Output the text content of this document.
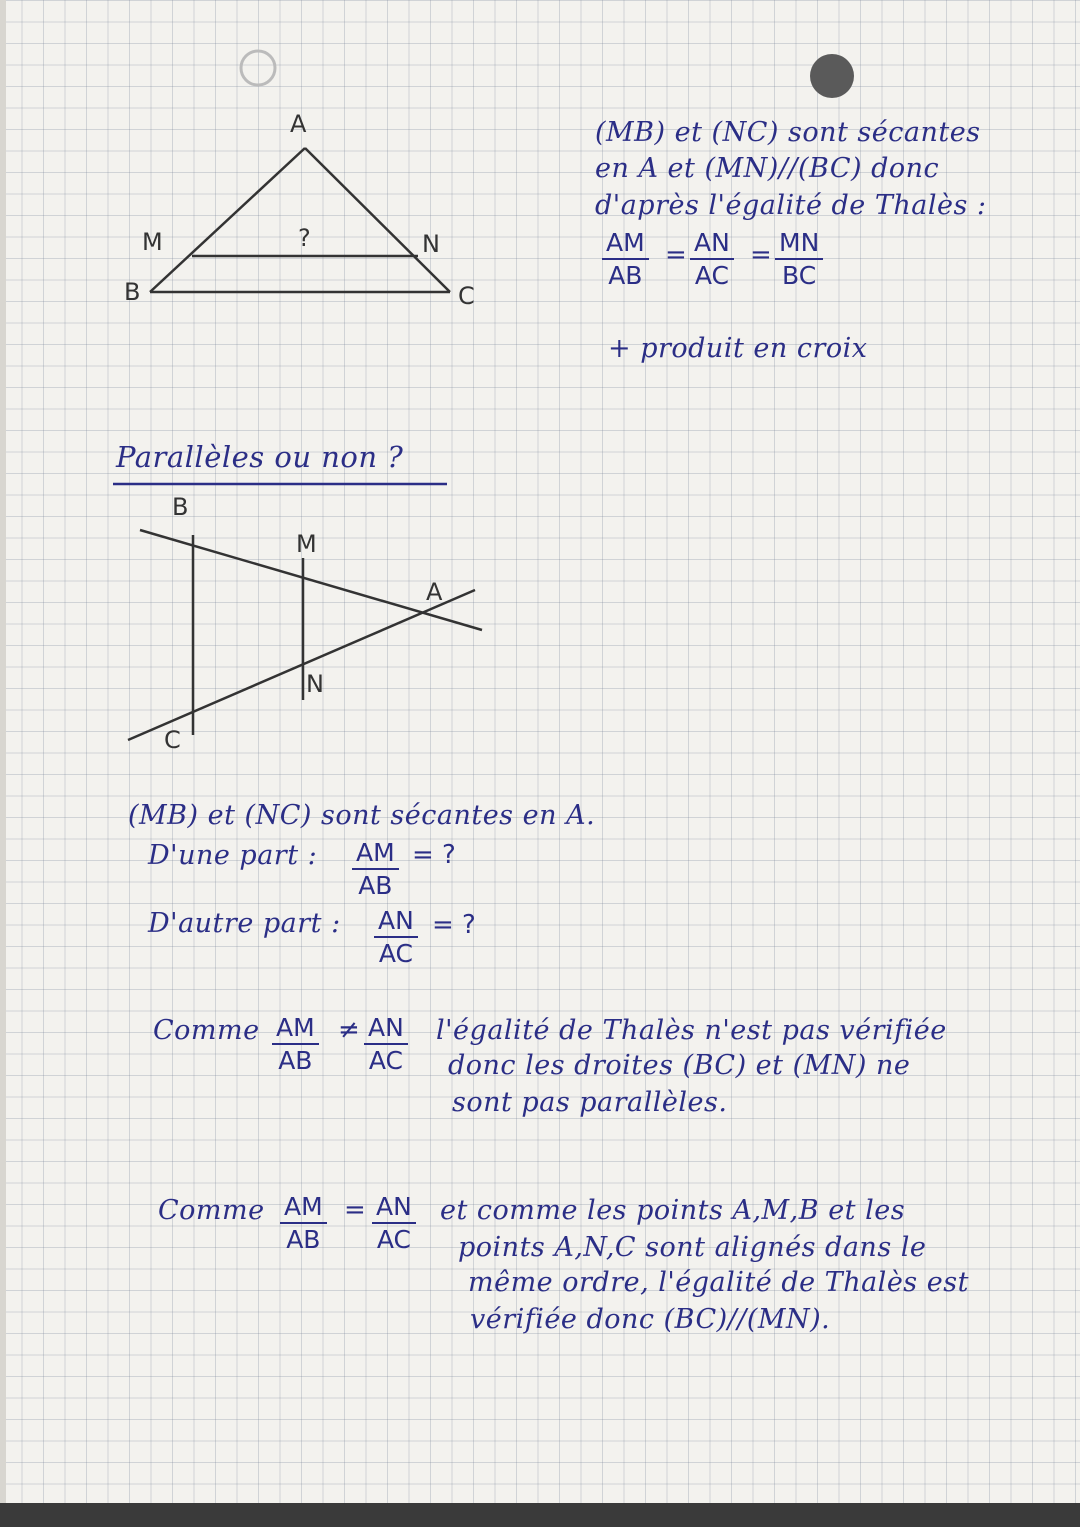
A
M
B
N
C
?
B
M
A
N
C
(MB) et (NC) sont sécantes
en A et (MN)//(BC) donc
d'après l'égalité de Thalès :
$\frac{AM}{AB} = \frac{AN}{AC} = \frac{MN}{BC}$
+ produit en croix
Parallèles ou non ?
(MB) et (NC) sont sécantes en A.
D'une part : $\frac{AM}{AB}$ = ?
D'autre part : $\frac{AN}{AC}$ = ?
Comme $\frac{AM}{AB} \ne \frac{AN}{AC}$ l'égalité de Thalès n'est pas vérifiée
donc les droites (BC) et (MN) ne
sont pas parallèles.
Comme $\frac{AM}{AB} = \frac{AN}{AC}$ et comme les points A,M,B et les
points A,N,C sont alignés dans le
même ordre, l'égalité de Thalès est
vérifiée donc (BC)//(MN).
